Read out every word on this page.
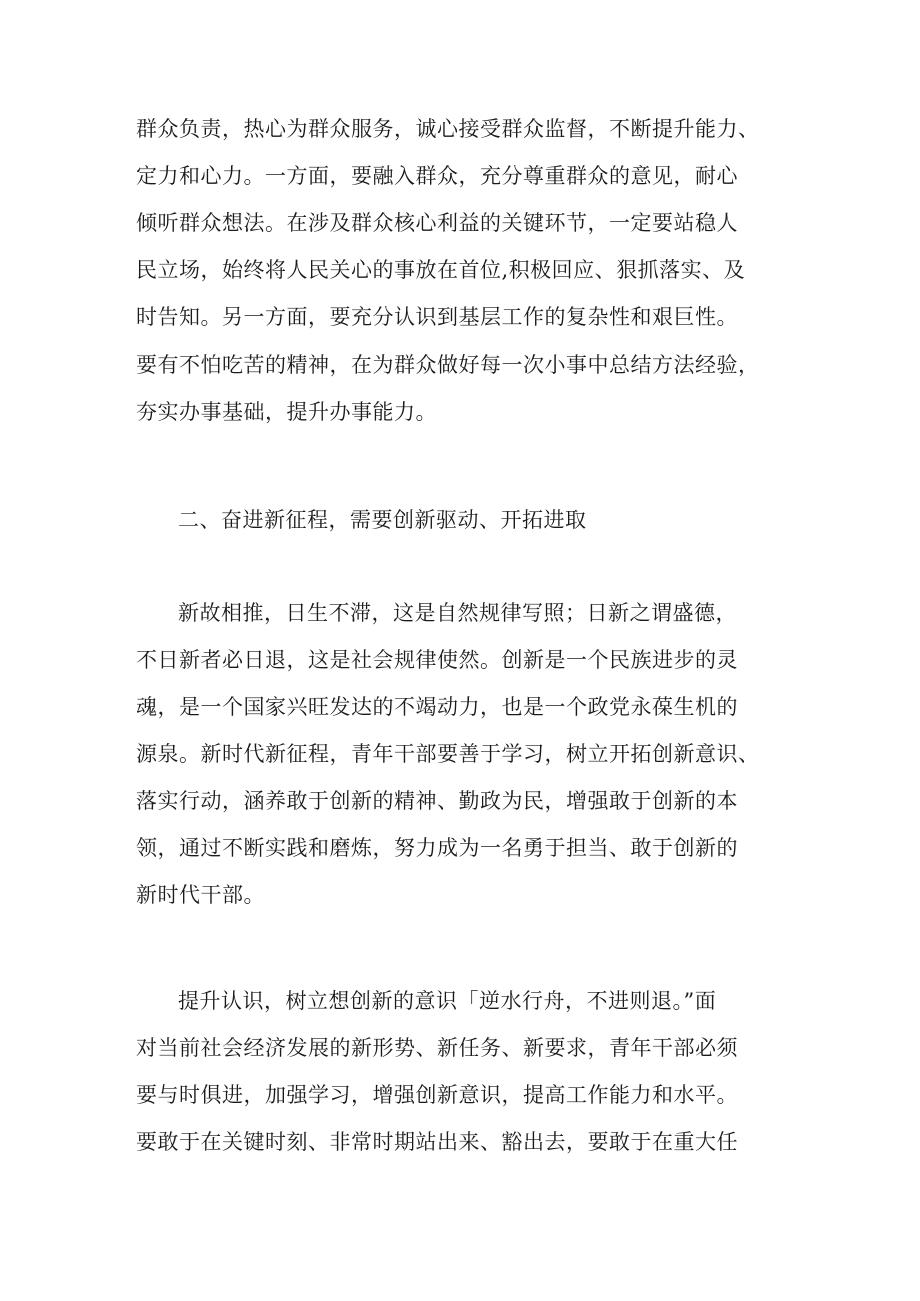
群众负责，热心为群众服务，诚心接受群众监督，不断提升能力、
定力和心力。一方面，要融入群众，充分尊重群众的意见，耐心
倾听群众想法。在涉及群众核心利益的关键环节，一定要站稳人
民立场，始终将人民关心的事放在首位,积极回应、狠抓落实、及
时告知。另一方面，要充分认识到基层工作的复杂性和艰巨性。
要有不怕吃苦的精神，在为群众做好每一次小事中总结方法经验，
夯实办事基础，提升办事能力。
二、奋进新征程，需要创新驱动、开拓进取
新故相推，日生不滞，这是自然规律写照；日新之谓盛德，
不日新者必日退，这是社会规律使然。创新是一个民族进步的灵
魂，是一个国家兴旺发达的不竭动力，也是一个政党永葆生机的
源泉。新时代新征程，青年干部要善于学习，树立开拓创新意识、
落实行动，涵养敢于创新的精神、勤政为民，增强敢于创新的本
领，通过不断实践和磨炼，努力成为一名勇于担当、敢于创新的
新时代干部。
提升认识，树立想创新的意识「逆水行舟，不进则退。”面
对当前社会经济发展的新形势、新任务、新要求，青年干部必须
要与时俱进，加强学习，增强创新意识，提高工作能力和水平。
要敢于在关键时刻、非常时期站出来、豁出去，要敢于在重大任
